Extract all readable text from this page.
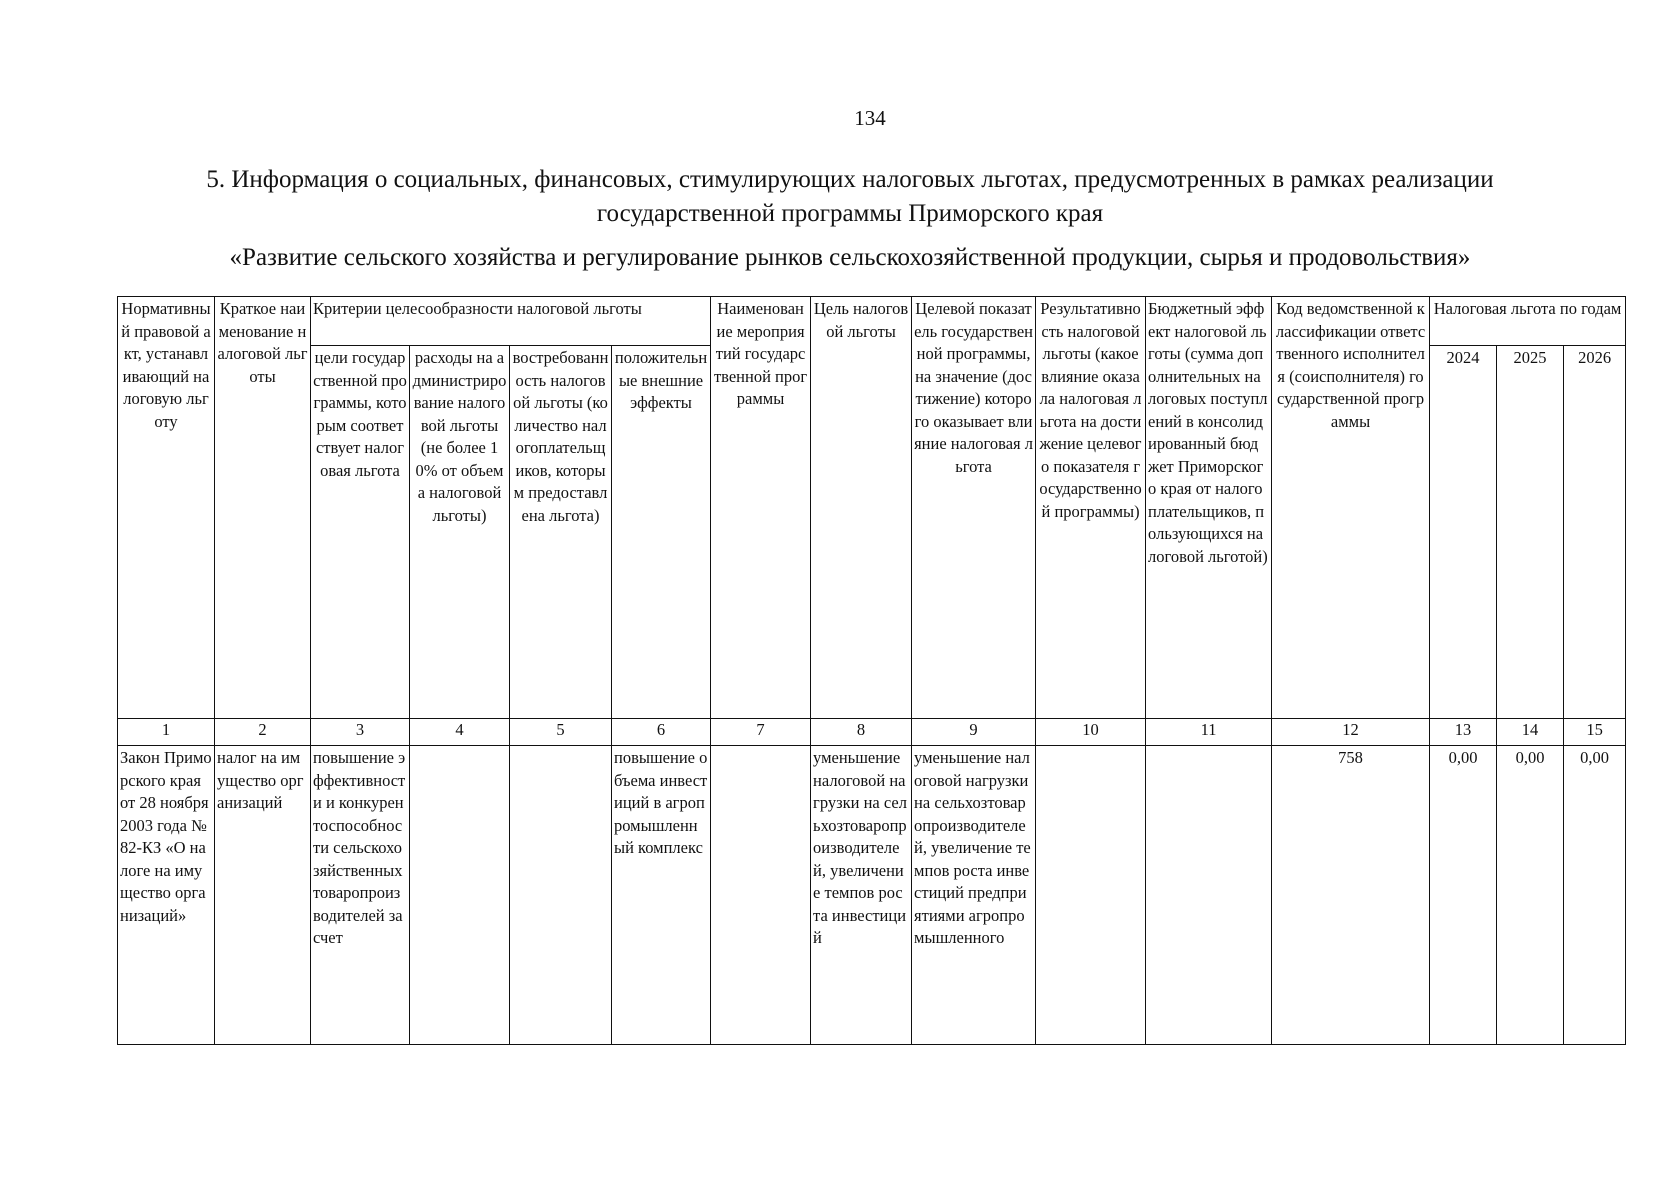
134
5. Информация о социальных, финансовых, стимулирующих налоговых льготах, предусмотренных в рамках реализации
государственной программы Приморского края
«Развитие сельского хозяйства и регулирование рынков сельскохозяйственной продукции, сырья и продовольствия»
Нормативный правовой акт, устанавливающий налоговую льготу	Краткое наименование налоговой льготы	Критерии целесообразности налоговой льготы				Наименование мероприятий государственной программы	Цель налоговой льготы	Целевой показатель государственной программы, на значение (достижение) которого оказывает влияние налоговая льгота	Результативность налоговой льготы (какое влияние оказала налоговая льгота на достижение целевого показателя государственной программы)	Бюджетный эффект налоговой льготы (сумма дополнительных налоговых поступлений в консолидированный бюджет Приморского края от налогоплательщиков, пользующихся налоговой льготой)	Код ведомственной классификации ответственного исполнителя (соисполнителя) государственной программы	Налоговая льгота по годам		
		цели государственной программы, которым соответствует налоговая льгота	расходы на администрирование налоговой льготы (не более 10% от объема налоговой льготы)	востребованность налоговой льготы (количество налогоплательщиков, которым предоставлена льгота)	положительные внешние эффекты							2024	2025	2026
1	2	3	4	5	6	7	8	9	10	11	12	13	14	15
Закон Приморского края от 28 ноября 2003 года № 82-КЗ «О налоге на имущество организаций»	налог на имущество организаций	повышение эффективности и конкурентоспособности сельскохозяйственных товаропроизводителей за счет			повышение объема инвестиций в агропромышленный комплекс		уменьшение налоговой нагрузки на сельхозтоваропроизводителей, увеличение темпов роста инвестиций	уменьшение налоговой нагрузки на сельхозтоваропроизводителей, увеличение темпов роста инвестиций предприятиями агропромышленного			758	0,00	0,00	0,00
